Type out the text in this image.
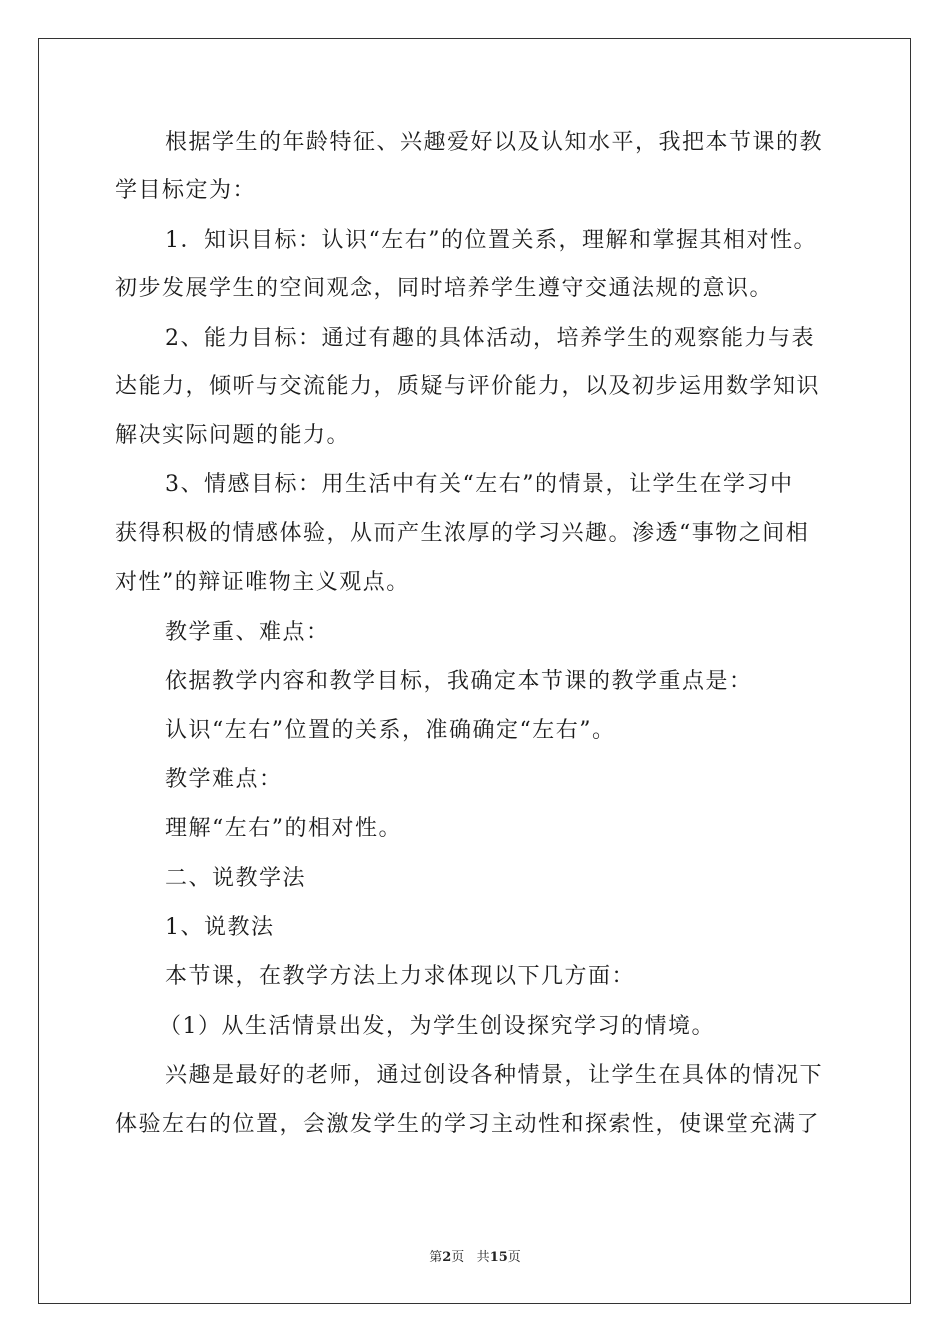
根据学生的年龄特征、兴趣爱好以及认知水平，我把本节课的教
学目标定为：
1．知识目标：认识“左右”的位置关系，理解和掌握其相对性。
初步发展学生的空间观念，同时培养学生遵守交通法规的意识。
2、能力目标：通过有趣的具体活动，培养学生的观察能力与表
达能力，倾听与交流能力，质疑与评价能力，以及初步运用数学知识
解决实际问题的能力。
3、情感目标：用生活中有关“左右”的情景，让学生在学习中
获得积极的情感体验，从而产生浓厚的学习兴趣。渗透“事物之间相
对性”的辩证唯物主义观点。
教学重、难点：
依据教学内容和教学目标，我确定本节课的教学重点是：
认识“左右”位置的关系，准确确定“左右”。
教学难点：
理解“左右”的相对性。
二、说教学法
1、说教法
本节课，在教学方法上力求体现以下几方面：
（1）从生活情景出发，为学生创设探究学习的情境。
兴趣是最好的老师，通过创设各种情景，让学生在具体的情况下
体验左右的位置，会激发学生的学习主动性和探索性，使课堂充满了
第2页 共15页
